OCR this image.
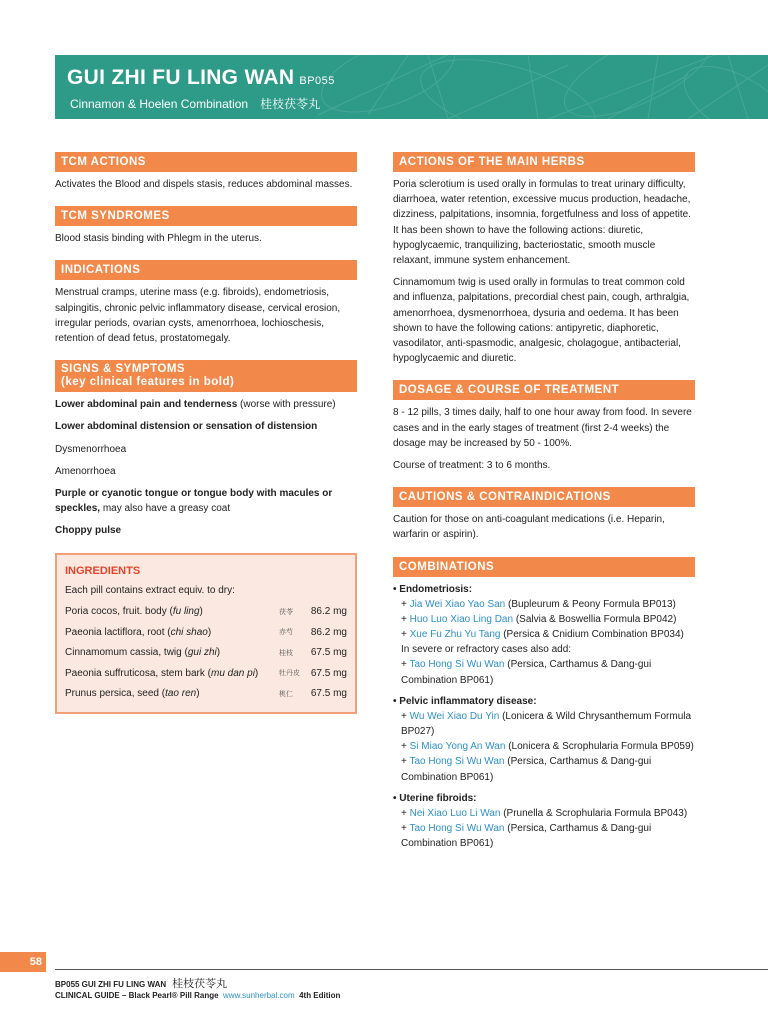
GUI ZHI FU LING WAN BP055
Cinnamon & Hoelen Combination 桂枝茯苓丸
TCM ACTIONS

Activates the Blood and dispels stasis, reduces abdominal masses.

TCM SYNDROMES

Blood stasis binding with Phlegm in the uterus.

INDICATIONS

Menstrual cramps, uterine mass (e.g. fibroids), endometriosis, salpingitis, chronic pelvic inflammatory disease, cervical erosion, irregular periods, ovarian cysts, amenorrhoea, lochioschesis, retention of dead fetus, prostatomegaly.

SIGNS & SYMPTOMS
(key clinical features in bold)

Lower abdominal pain and tenderness (worse with pressure)

Lower abdominal distension or sensation of distension

Dysmenorrhoea

Amenorrhoea

Purple or cyanotic tongue or tongue body with macules or speckles, may also have a greasy coat

Choppy pulse

INGREDIENTS
Each pill contains extract equiv. to dry:
Poria cocos, fruit. body (fu ling)	茯苓	86.2 mg
Paeonia lactiflora, root (chi shao)	赤芍	86.2 mg
Cinnamomum cassia, twig (gui zhi)	桂枝	67.5 mg
Paeonia suffruticosa, stem bark (mu dan pi)	牡丹皮	67.5 mg
Prunus persica, seed (tao ren)	桃仁	67.5 mg
ACTIONS OF THE MAIN HERBS

Poria sclerotium is used orally in formulas to treat urinary difficulty, diarrhoea, water retention, excessive mucus production, headache, dizziness, palpitations, insomnia, forgetfulness and loss of appetite. It has been shown to have the following actions: diuretic, hypoglycaemic, tranquilizing, bacteriostatic, smooth muscle relaxant, immune system enhancement.

Cinnamomum twig is used orally in formulas to treat common cold and influenza, palpitations, precordial chest pain, cough, arthralgia, amenorrhoea, dysmenorrhoea, dysuria and oedema. It has been shown to have the following cations: antipyretic, diaphoretic, vasodilator, anti-spasmodic, analgesic, cholagogue, antibacterial, hypoglycaemic and diuretic.

DOSAGE & COURSE OF TREATMENT

8 - 12 pills, 3 times daily, half to one hour away from food. In severe cases and in the early stages of treatment (first 2-4 weeks) the dosage may be increased by 50 - 100%.

Course of treatment: 3 to 6 months.

CAUTIONS & CONTRAINDICATIONS

Caution for those on anti-coagulant medications (i.e. Heparin, warfarin or aspirin).

COMBINATIONS
• Endometriosis:
+ Jia Wei Xiao Yao San (Bupleurum & Peony Formula BP013)
+ Huo Luo Xiao Ling Dan (Salvia & Boswellia Formula BP042)
+ Xue Fu Zhu Yu Tang (Persica & Cnidium Combination BP034)
In severe or refractory cases also add:
+ Tao Hong Si Wu Wan (Persica, Carthamus & Dang-gui Combination BP061)
• Pelvic inflammatory disease:
+ Wu Wei Xiao Du Yin (Lonicera & Wild Chrysanthemum Formula BP027)
+ Si Miao Yong An Wan (Lonicera & Scrophularia Formula BP059)
+ Tao Hong Si Wu Wan (Persica, Carthamus & Dang-gui Combination BP061)
• Uterine fibroids:
+ Nei Xiao Luo Li Wan (Prunella & Scrophularia Formula BP043)
+ Tao Hong Si Wu Wan (Persica, Carthamus & Dang-gui Combination BP061)
58
BP055 GUI ZHI FU LING WAN 桂枝茯苓丸
CLINICAL GUIDE – Black Pearl® Pill Range www.sunherbal.com 4th Edition
